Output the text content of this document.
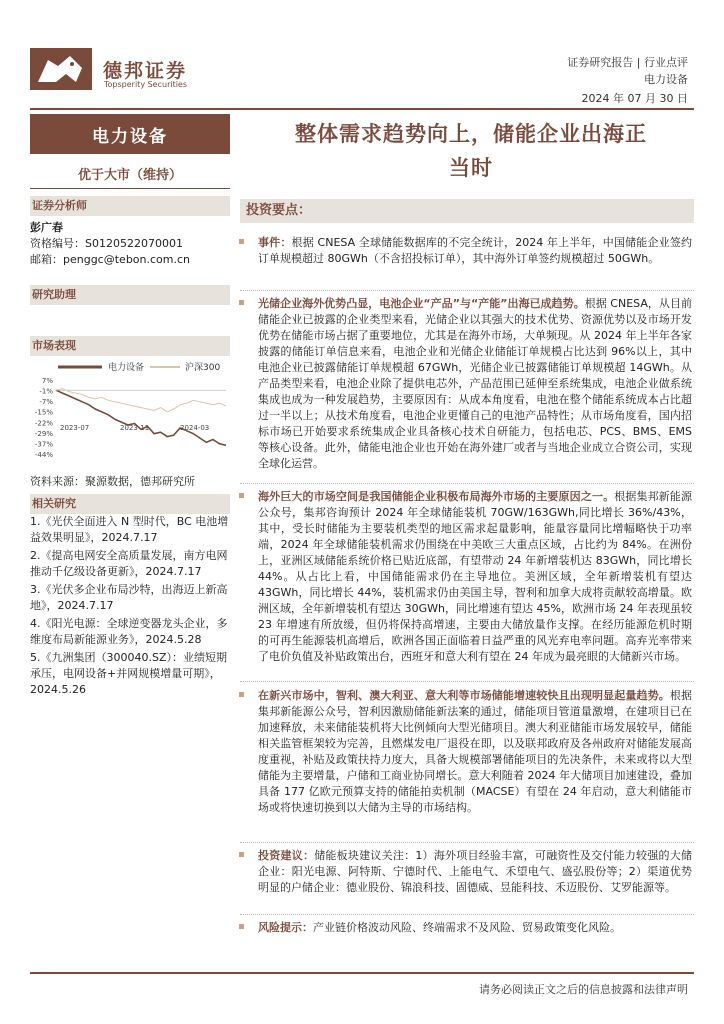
德邦证券
Topsperity Securities
证券研究报告 | 行业点评
电力设备
2024 年 07 月 30 日
电力设备
优于大市（维持）
证券分析师
彭广春
资格编号：S0120522070001
邮箱：penggc@tebon.com.cn
研究助理
市场表现
电力设备	沪深300
7%
-1%
-7%
-15%
-22%
-29%
-37%
-44%
2023-07	2023-11	2024-03
资料来源：聚源数据，德邦研究所
相关研究
1.《光伏全面进入 N 型时代，BC 电池增益效果明显》，2024.7.17
2.《提高电网安全高质量发展，南方电网推动千亿级设备更新》，2024.7.17
3.《光伏多企业布局沙特，出海迈上新高地》，2024.7.17
4.《阳光电源：全球逆变器龙头企业，多维度布局新能源业务》，2024.5.28
5.《九洲集团（300040.SZ）：业绩短期承压，电网设备+并网规模增量可期》，2024.5.26
整体需求趋势向上，储能企业出海正
当时
投资要点：
事件：根据 CNESA 全球储能数据库的不完全统计，2024 年上半年，中国储能企业签约订单规模超过 80GWh（不含招投标订单），其中海外订单签约规模超过 50GWh。
光储企业海外优势凸显，电池企业“产品”与“产能”出海已成趋势。根据 CNESA，从目前储能企业已披露的企业类型来看，光储企业以其强大的技术优势、资源优势以及市场开发优势在储能市场占据了重要地位，尤其是在海外市场，大单频现。从 2024 年上半年各家披露的储能订单信息来看，电池企业和光储企业储能订单规模占比达到 96%以上，其中电池企业已披露储能订单规模超 67GWh，光储企业已披露储能订单规模超 14GWh。从产品类型来看，电池企业除了提供电芯外，产品范围已延伸至系统集成，电池企业做系统集成也成为一种发展趋势，主要原因有：从成本角度看，电池在整个储能系统成本占比超过一半以上；从技术角度看，电池企业更懂自己的电池产品特性；从市场角度看，国内招标市场已开始要求系统集成企业具备核心技术自研能力，包括电芯、PCS、BMS、EMS 等核心设备。此外，储能电池企业也开始在海外建厂或者与当地企业成立合资公司，实现全球化运营。
海外巨大的市场空间是我国储能企业积极布局海外市场的主要原因之一。根据集邦新能源公众号，集邦咨询预计 2024 年全球储能装机 70GW/163GWh,同比增长 36%/43%，其中，受长时储能为主要装机类型的地区需求起量影响，能量容量同比增幅略快于功率端，2024 年全球储能装机需求仍围绕在中美欧三大重点区域，占比约为 84%。在洲份上，亚洲区域储能系统价格已贴近底部，有望带动 24 年新增装机达 83GWh，同比增长 44%。从占比上看，中国储能需求仍在主导地位。美洲区域，全年新增装机有望达 43GWh，同比增长 44%，装机需求仍由美国主导，智利和加拿大成将贡献较高增量。欧洲区域，全年新增装机有望达 30GWh，同比增速有望达 45%，欧洲市场 24 年表现虽较 23 年增速有所放缓，但仍将保持高增速，主要由大储放量作支撑。在经历能源危机时期的可再生能源装机高增后，欧洲各国正面临着日益严重的风光弃电率问题。高弃光率带来了电价负值及补贴政策出台，西班牙和意大利有望在 24 年成为最亮眼的大储新兴市场。
在新兴市场中，智利、澳大利亚、意大利等市场储能增速较快且出现明显起量趋势。根据集邦新能源公众号，智利因激励储能新法案的通过，储能项目管道量激增，在建项目已在加速释放，未来储能装机将大比例倾向大型光储项目。澳大利亚储能市场发展较早，储能相关监管框架较为完善，且燃煤发电厂退役在即，以及联邦政府及各州政府对储能发展高度重视，补贴及政策扶持力度大，具备大规模部署储能项目的先决条件，未来或将以大型储能为主要增量，户储和工商业协同增长。意大利随着 2024 年大储项目加速建设，叠加具备 177 亿欧元预算支持的储能拍卖机制（MACSE）有望在 24 年启动，意大利储能市场或将快速切换到以大储为主导的市场结构。
投资建议：储能板块建议关注：1）海外项目经验丰富，可融资性及交付能力较强的大储企业：阳光电源、阿特斯、宁德时代、上能电气、禾望电气、盛弘股份等；2）渠道优势明显的户储企业：德业股份、锦浪科技、固德威、昱能科技、禾迈股份、艾罗能源等。
风险提示：产业链价格波动风险、终端需求不及风险、贸易政策变化风险。
请务必阅读正文之后的信息披露和法律声明
